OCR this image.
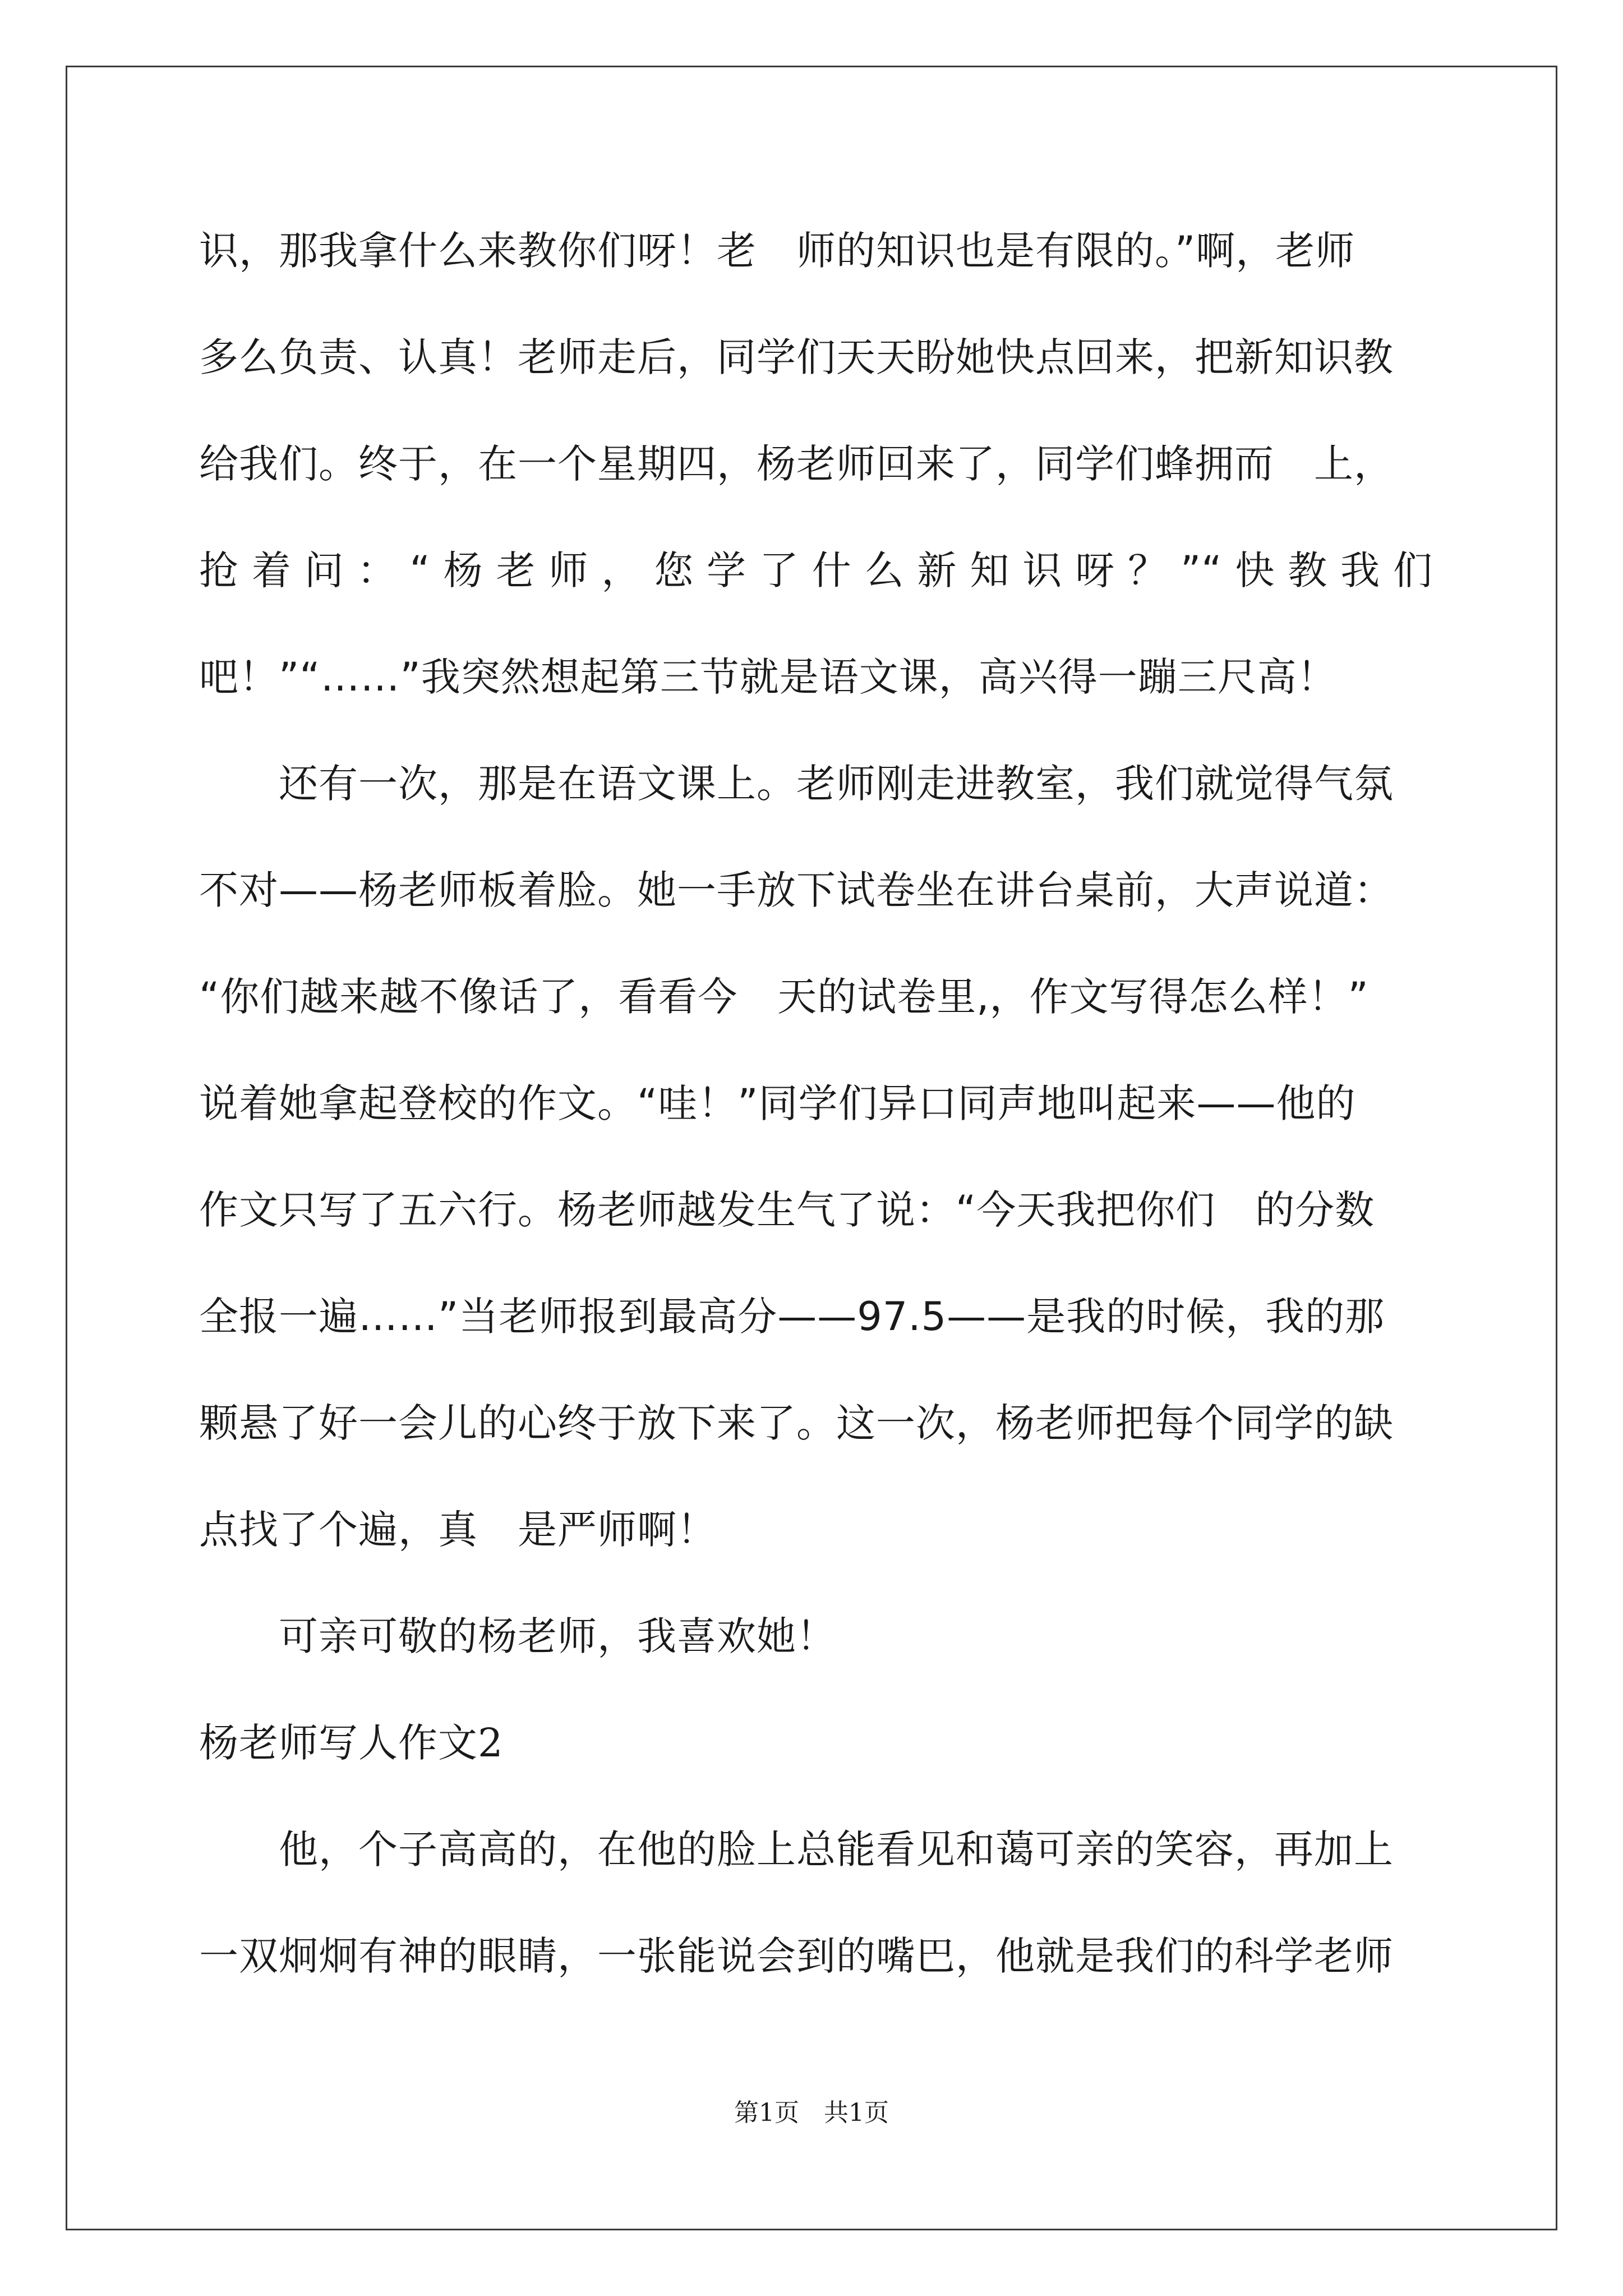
识，那我拿什么来教你们呀！老　师的知识也是有限的。”啊，老师
多么负责、认真！老师走后，同学们天天盼她快点回来，把新知识教
给我们。终于，在一个星期四，杨老师回来了，同学们蜂拥而　上，
抢着问：“杨老师，您学了什么新知识呀？”“快教我们
吧！”“……”我突然想起第三节就是语文课，高兴得一蹦三尺高！
还有一次，那是在语文课上。老师刚走进教室，我们就觉得气氛
不对——杨老师板着脸。她一手放下试卷坐在讲台桌前，大声说道：
“你们越来越不像话了，看看今　天的试卷里,，作文写得怎么样！”
说着她拿起登校的作文。“哇！”同学们异口同声地叫起来——他的
作文只写了五六行。杨老师越发生气了说：“今天我把你们　的分数
全报一遍……”当老师报到最高分——97.5——是我的时候，我的那
颗悬了好一会儿的心终于放下来了。这一次，杨老师把每个同学的缺
点找了个遍，真　是严师啊！
可亲可敬的杨老师，我喜欢她！
杨老师写人作文2
他，个子高高的，在他的脸上总能看见和蔼可亲的笑容，再加上
一双炯炯有神的眼睛，一张能说会到的嘴巴，他就是我们的科学老师
第1页　共1页
